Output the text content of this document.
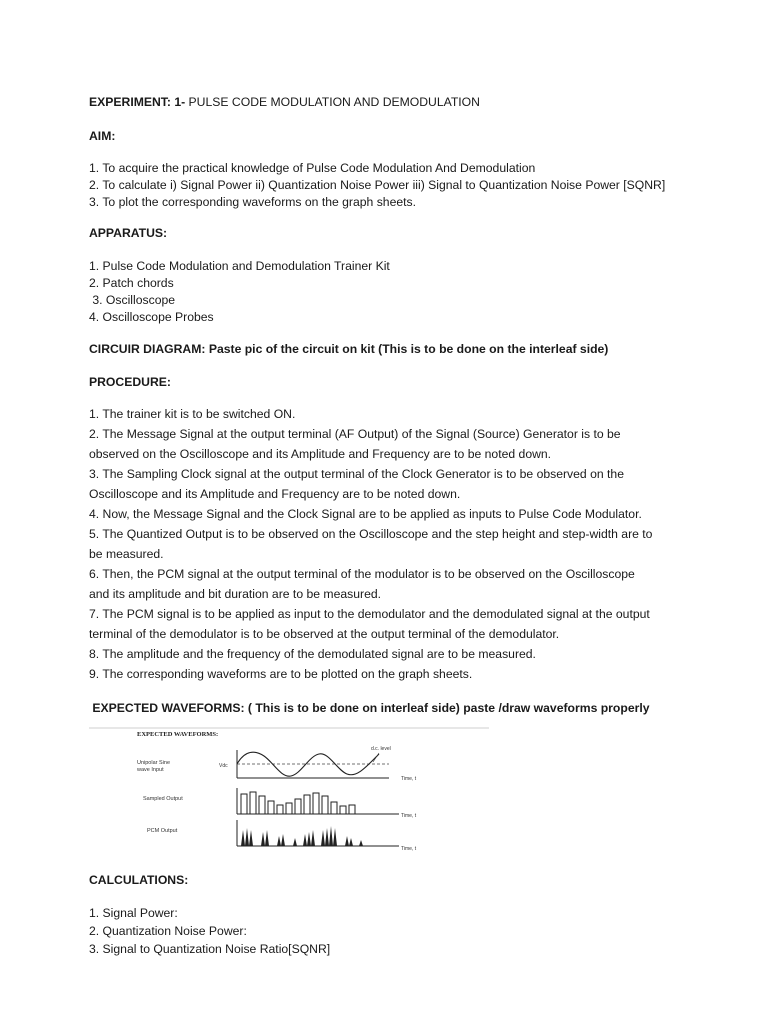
EXPERIMENT: 1- PULSE CODE MODULATION AND DEMODULATION
AIM:
1. To acquire the practical knowledge of Pulse Code Modulation And Demodulation
2. To calculate i) Signal Power ii) Quantization Noise Power iii) Signal to Quantization Noise Power [SQNR]
3. To plot the corresponding waveforms on the graph sheets.
APPARATUS:
1. Pulse Code Modulation and Demodulation Trainer Kit
2. Patch chords
3. Oscilloscope
4. Oscilloscope Probes
CIRCUIR DIAGRAM: Paste pic of the circuit on kit (This is to be done on the interleaf side)
PROCEDURE:
1. The trainer kit is to be switched ON.
2. The Message Signal at the output terminal (AF Output) of the Signal (Source) Generator is to be
observed on the Oscilloscope and its Amplitude and Frequency are to be noted down.
3. The Sampling Clock signal at the output terminal of the Clock Generator is to be observed on the
Oscilloscope and its Amplitude and Frequency are to be noted down.
4. Now, the Message Signal and the Clock Signal are to be applied as inputs to Pulse Code Modulator.
5. The Quantized Output is to be observed on the Oscilloscope and the step height and step-width are to
be measured.
6. Then, the PCM signal at the output terminal of the modulator is to be observed on the Oscilloscope
and its amplitude and bit duration are to be measured.
7. The PCM signal is to be applied as input to the demodulator and the demodulated signal at the output
terminal of the demodulator is to be observed at the output terminal of the demodulator.
8. The amplitude and the frequency of the demodulated signal are to be measured.
9. The corresponding waveforms are to be plotted on the graph sheets.
EXPECTED WAVEFORMS: ( This is to be done on interleaf side) paste /draw waveforms properly
EXPECTED WAVEFORMS:
Unipolar Sine
wave Input
Vdc
d.c. level
Time, t
Sampled Output
Time, t
PCM Output
Time, t
CALCULATIONS:
1. Signal Power:
2. Quantization Noise Power:
3. Signal to Quantization Noise Ratio[SQNR]
